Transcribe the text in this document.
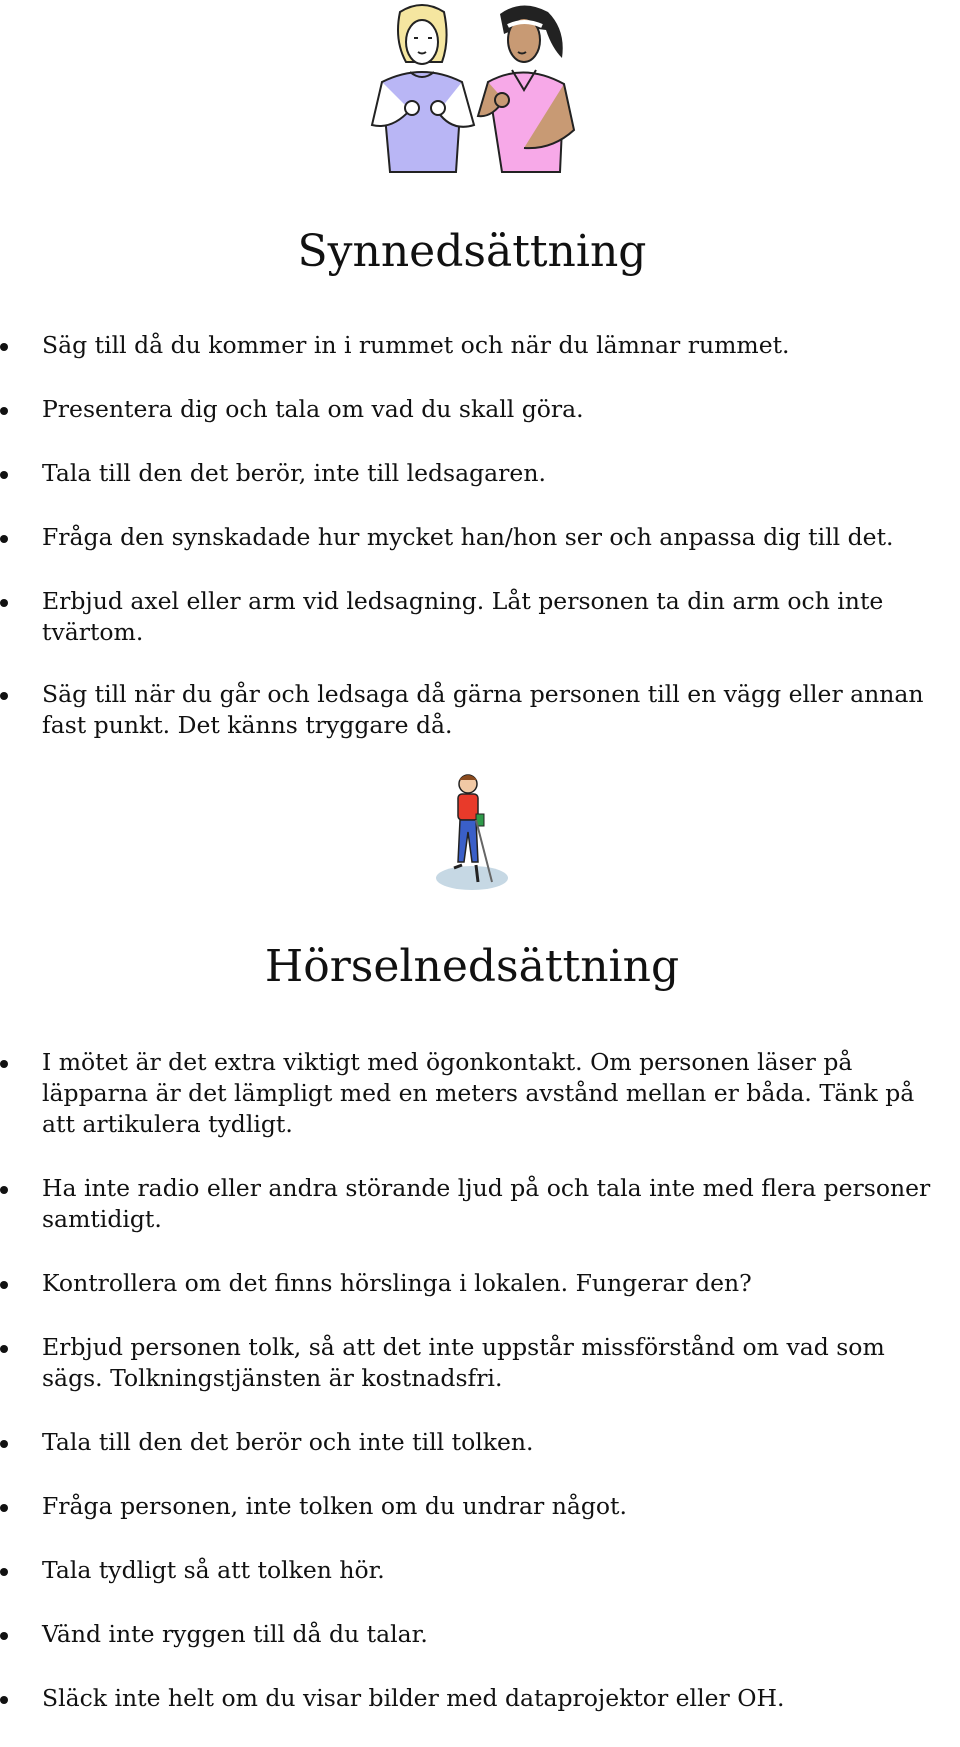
Synnedsättning
Säg till då du kommer in i rummet och när du lämnar rummet.
Presentera dig och tala om vad du skall göra.
Tala till den det berör, inte till ledsagaren.
Fråga den synskadade hur mycket han/hon ser och anpassa dig till det.
Erbjud axel eller arm vid ledsagning. Låt personen ta din arm och inte tvärtom.
Säg till när du går och ledsaga då gärna personen till en vägg eller annan fast punkt. Det känns tryggare då.
Hörselnedsättning
I mötet är det extra viktigt med ögonkontakt. Om personen läser på läpparna är det lämpligt med en meters avstånd mellan er båda. Tänk på att artikulera tydligt.
Ha inte radio eller andra störande ljud på och tala inte med flera personer samtidigt.
Kontrollera om det finns hörslinga i lokalen. Fungerar den?
Erbjud personen tolk, så att det inte uppstår missförstånd om vad som sägs. Tolkningstjänsten är kostnadsfri.
Tala till den det berör och inte till tolken.
Fråga personen, inte tolken om du undrar något.
Tala tydligt så att tolken hör.
Vänd inte ryggen till då du talar.
Släck inte helt om du visar bilder med dataprojektor eller OH.
